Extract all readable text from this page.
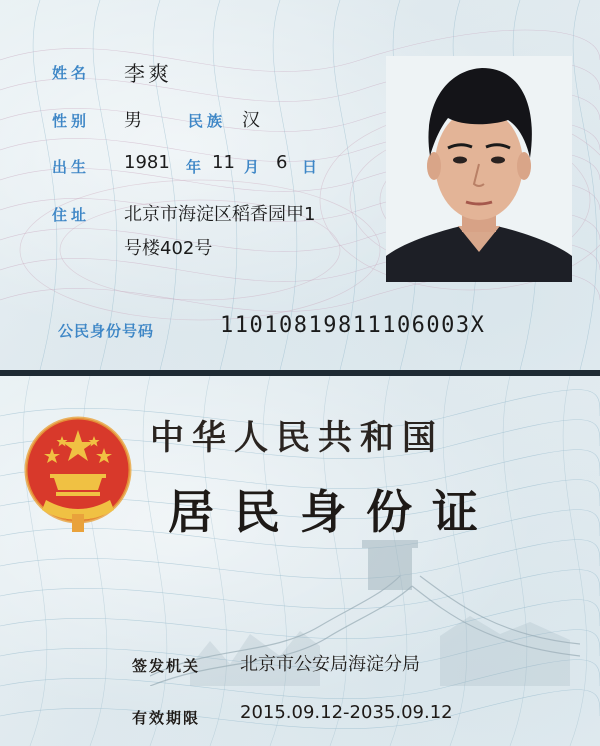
姓名 李爽
性别 男	民族 汉
出生 1981 年 11 月 6 日
住址 北京市海淀区稻香园甲1
号楼402号
公民身份号码	11010819811106003X
中华人民共和国
居民身份证
签发机关 北京市公安局海淀分局
有效期限 2015.09.12-2035.09.12
